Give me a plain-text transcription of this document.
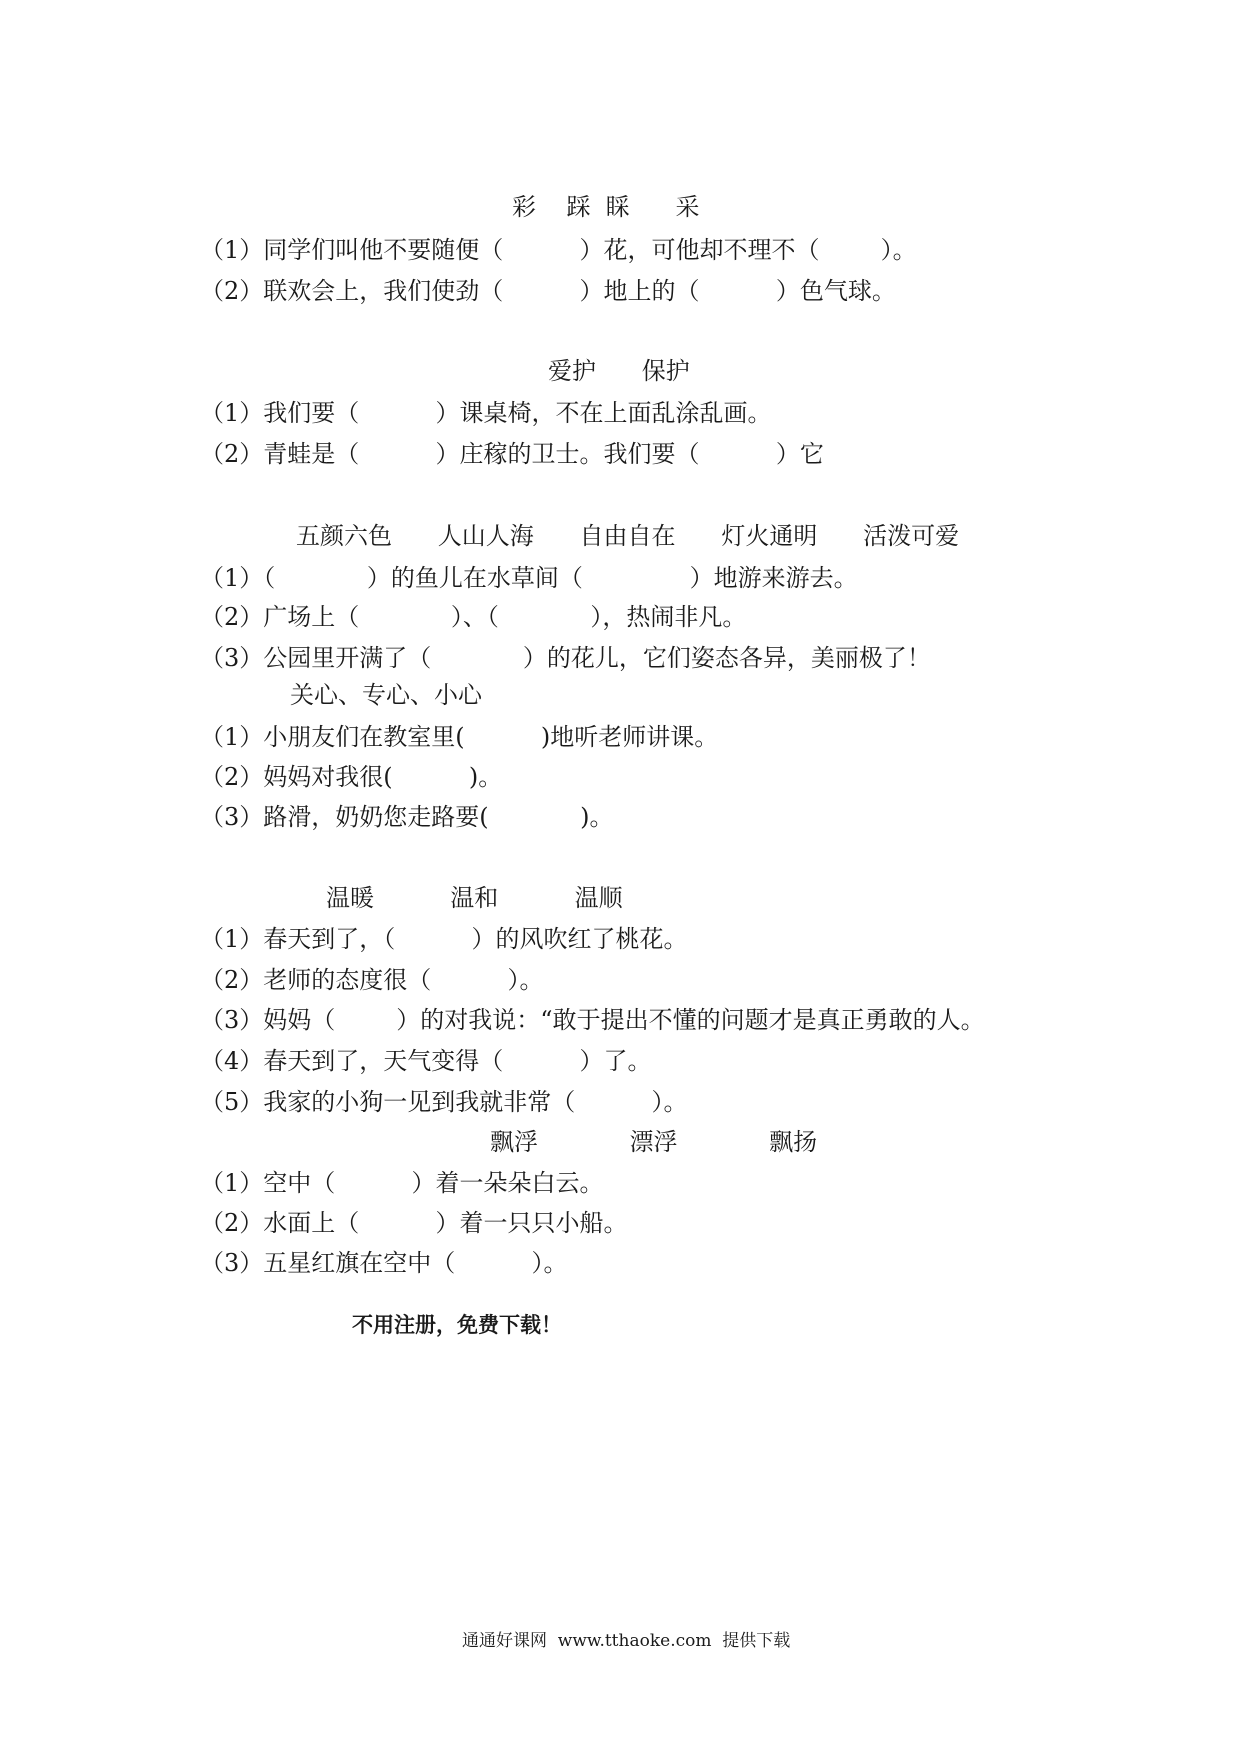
彩    踩  睬      采
（1）同学们叫他不要随便（          ）花，可他却不理不（        ）。
（2）联欢会上，我们使劲（          ）地上的（          ）色气球。
爱护      保护
（1）我们要（          ）课桌椅，不在上面乱涂乱画。
（2）青蛙是（          ）庄稼的卫士。我们要（          ）它
五颜六色      人山人海      自由自在      灯火通明      活泼可爱
（1）（            ）的鱼儿在水草间（              ）地游来游去。
（2）广场上（            ）、（            ），热闹非凡。
（3）公园里开满了（            ）的花儿，它们姿态各异，美丽极了！
关心、专心、小心
（1）小朋友们在教室里(          )地听老师讲课。
（2）妈妈对我很(          )。
（3）路滑，奶奶您走路要(            )。
温暖          温和          温顺
（1）春天到了，（          ）的风吹红了桃花。
（2）老师的态度很（          ）。
（3）妈妈（        ）的对我说：“敢于提出不懂的问题才是真正勇敢的人。
（4）春天到了，天气变得（          ）了。
（5）我家的小狗一见到我就非常（          ）。
飘浮            漂浮            飘扬
（1）空中（          ）着一朵朵白云。
（2）水面上（          ）着一只只小船。
（3）五星红旗在空中（          ）。
不用注册，免费下载！
通通好课网  www.tthaoke.com  提供下载
